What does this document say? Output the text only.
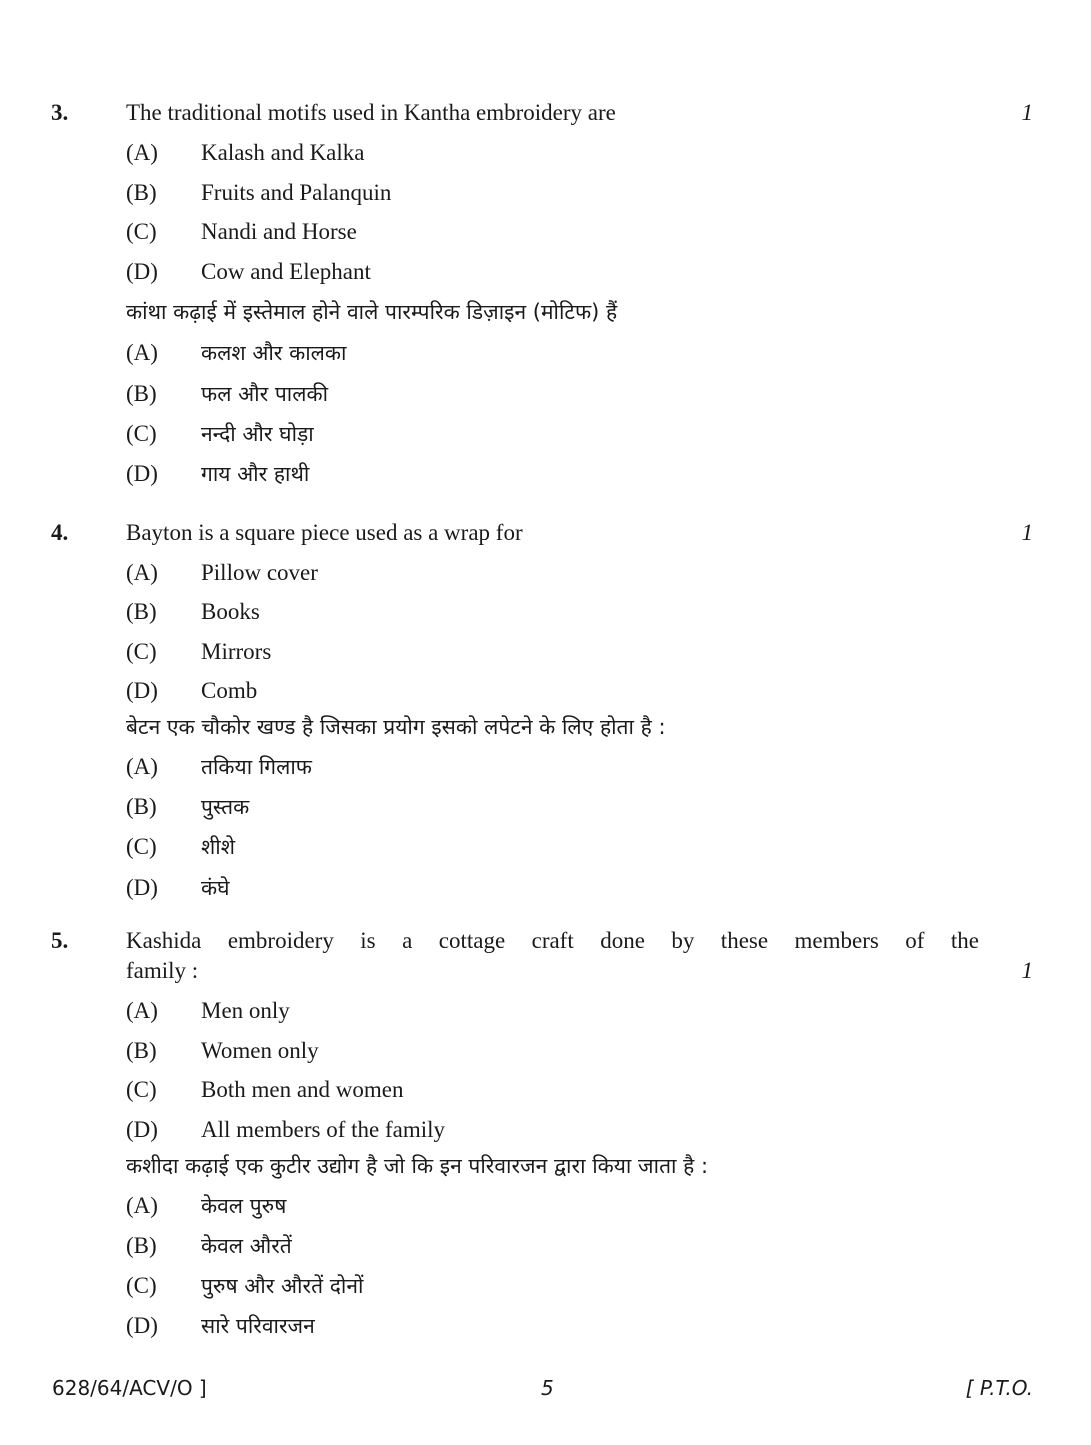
3.	The traditional motifs used in Kantha embroidery are	1
(A) Kalash and Kalka
(B) Fruits and Palanquin
(C) Nandi and Horse
(D) Cow and Elephant
कांथा कढ़ाई में इस्तेमाल होने वाले पारम्परिक डिज़ाइन (मोटिफ) हैं
(A) कलश और कालका
(B) फल और पालकी
(C) नन्दी और घोड़ा
(D) गाय और हाथी
4.	Bayton is a square piece used as a wrap for	1
(A) Pillow cover
(B) Books
(C) Mirrors
(D) Comb
बेटन एक चौकोर खण्ड है जिसका प्रयोग इसको लपेटने के लिए होता है :
(A) तकिया गिलाफ
(B) पुस्तक
(C) शीशे
(D) कंघे
5.	Kashida embroidery is a cottage craft done by these members of the
family :	1
(A) Men only
(B) Women only
(C) Both men and women
(D) All members of the family
कशीदा कढ़ाई एक कुटीर उद्योग है जो कि इन परिवारजन द्वारा किया जाता है :
(A) केवल पुरुष
(B) केवल औरतें
(C) पुरुष और औरतें दोनों
(D) सारे परिवारजन
628/64/ACV/O ]	5	[ P.T.O.
